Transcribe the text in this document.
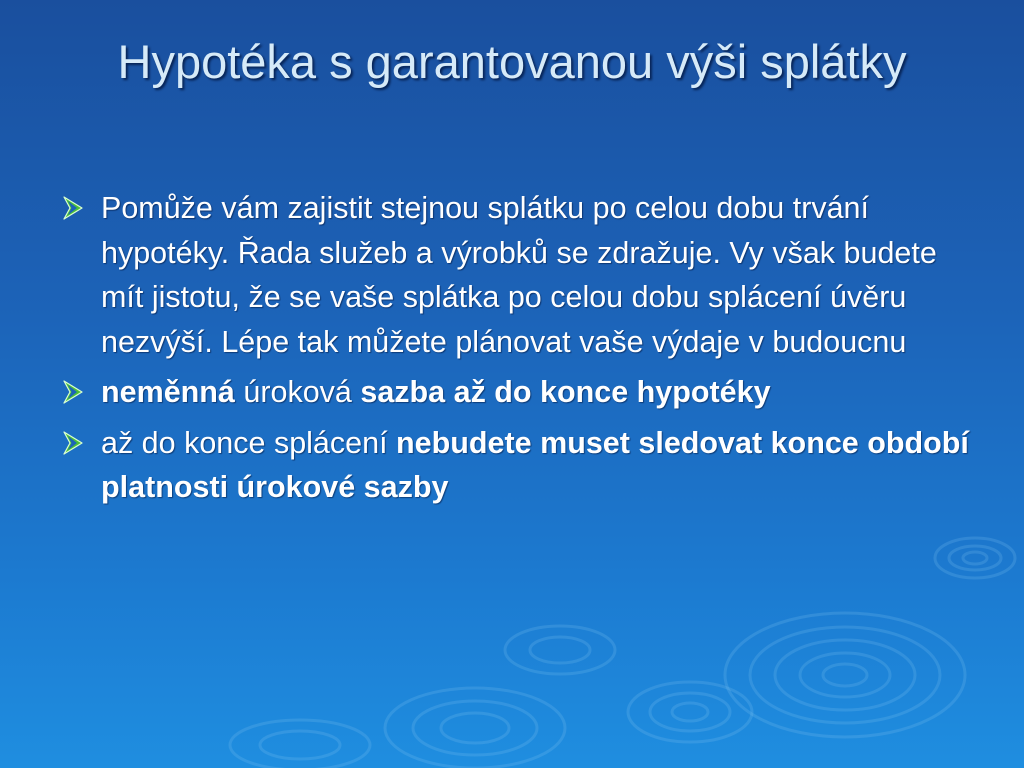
Hypotéka s garantovanou výši splátky
Pomůže vám zajistit stejnou splátku po celou dobu trvání hypotéky. Řada služeb a výrobků se zdražuje. Vy však budete mít jistotu, že se vaše splátka po celou dobu splácení úvěru nezvýší. Lépe tak můžete plánovat vaše výdaje v budoucnu
neměnná úroková sazba až do konce hypotéky
až do konce splácení nebudete muset sledovat konce období platnosti úrokové sazby
